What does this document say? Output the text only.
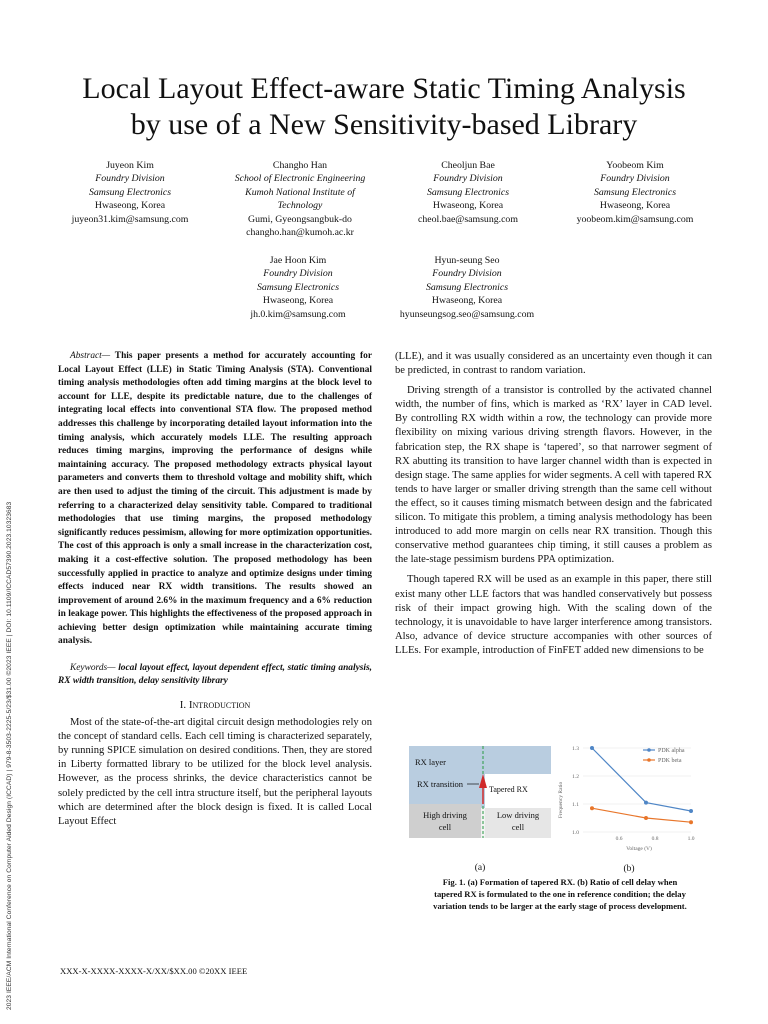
2023 IEEE/ACM International Conference on Computer Aided Design (ICCAD) | 979-8-3503-2225-5/23/$31.00 ©2023 IEEE | DOI: 10.1109/ICCAD57390.2023.10323683
Local Layout Effect-aware Static Timing Analysis
by use of a New Sensitivity-based Library
Juyeon Kim
Foundry Division
Samsung Electronics
Hwaseong, Korea
juyeon31.kim@samsung.com
Changho Han
School of Electronic Engineering
Kumoh National Institute of
Technology
Gumi, Gyeongsangbuk-do
changho.han@kumoh.ac.kr
Cheoljun Bae
Foundry Division
Samsung Electronics
Hwaseong, Korea
cheol.bae@samsung.com
Yoobeom Kim
Foundry Division
Samsung Electronics
Hwaseong, Korea
yoobeom.kim@samsung.com
Jae Hoon Kim
Foundry Division
Samsung Electronics
Hwaseong, Korea
jh.0.kim@samsung.com
Hyun-seung Seo
Foundry Division
Samsung Electronics
Hwaseong, Korea
hyunseungsog.seo@samsung.com

Abstract— This paper presents a method for accurately accounting for Local Layout Effect (LLE) in Static Timing Analysis (STA). Conventional timing analysis methodologies often add timing margins at the block level to account for LLE, despite its predictable nature, due to the challenges of integrating local effects into conventional STA flow. The proposed method addresses this challenge by incorporating detailed layout information into the timing analysis, which accurately models LLE. The resulting approach reduces timing margins, improving the performance of designs while maintaining accuracy. The proposed methodology extracts physical layout parameters and converts them to threshold voltage and mobility shift, which are then used to adjust the timing of the circuit. This adjustment is made by referring to a characterized delay sensitivity table. Compared to traditional methodologies that use timing margins, the proposed methodology significantly reduces pessimism, allowing for more optimization opportunities. The cost of this approach is only a small increase in the characterization cost, making it a cost-effective solution. The proposed methodology has been successfully applied in practice to analyze and optimize designs under timing effects induced near RX width transitions. The results showed an improvement of around 2.6% in the maximum frequency and a 6% reduction in leakage power. This highlights the effectiveness of the proposed approach in achieving better design optimization while maintaining accurate timing analysis.

Keywords— local layout effect, layout dependent effect, static timing analysis, RX width transition, delay sensitivity library

I. Introduction

Most of the state-of-the-art digital circuit design methodologies rely on the concept of standard cells. Each cell timing is characterized separately, by running SPICE simulation on desired conditions. Then, they are stored in Liberty formatted library to be utilized for the block level analysis. However, as the process shrinks, the device characteristics cannot be solely predicted by the cell intra structure itself, but the peripheral layouts which are determined after the block design is fixed. It is called Local Layout Effect

(LLE), and it was usually considered as an uncertainty even though it can be predicted, in contrast to random variation.

Driving strength of a transistor is controlled by the activated channel width, the number of fins, which is marked as ‘RX’ layer in CAD level. By controlling RX width within a row, the technology can provide more flexibility on mixing various driving strength flavors. However, in the fabrication step, the RX shape is ‘tapered’, so that narrower segment of RX abutting its transition to have larger channel width than is expected in design stage. The same applies for wider segments. A cell with tapered RX tends to have larger or smaller driving strength than the same cell without the effect, so it causes timing mismatch between design and the fabricated silicon. To mitigate this problem, a timing analysis methodology has been introduced to add more margin on cells near RX transition. Though this conservative method guarantees chip timing, it still causes a problem as the late-stage pessimism burdens PPA optimization.

Though tapered RX will be used as an example in this paper, there still exist many other LLE factors that was handled conservatively but possess risk of their impact growing high. With the scaling down of the technology, it is unavoidable to have larger interference among transistors. Also, advance of device structure accompanies with other sources of LLEs. For example, introduction of FinFET added new dimensions to be

RX layer
RX transition
Tapered RX
High driving
cell
Low driving
cell
(a)
1.0
1.1
1.2
1.3
0.6	0.8	1.0
PDK alpha
PDK beta
Frequency Ratio
Voltage (V)
(b)
Fig. 1. (a) Formation of tapered RX. (b) Ratio of cell delay when
tapered RX is formulated to the one in reference condition; the delay
variation tends to be larger at the early stage of process development.
XXX-X-XXXX-XXXX-X/XX/$XX.00 ©20XX IEEE
